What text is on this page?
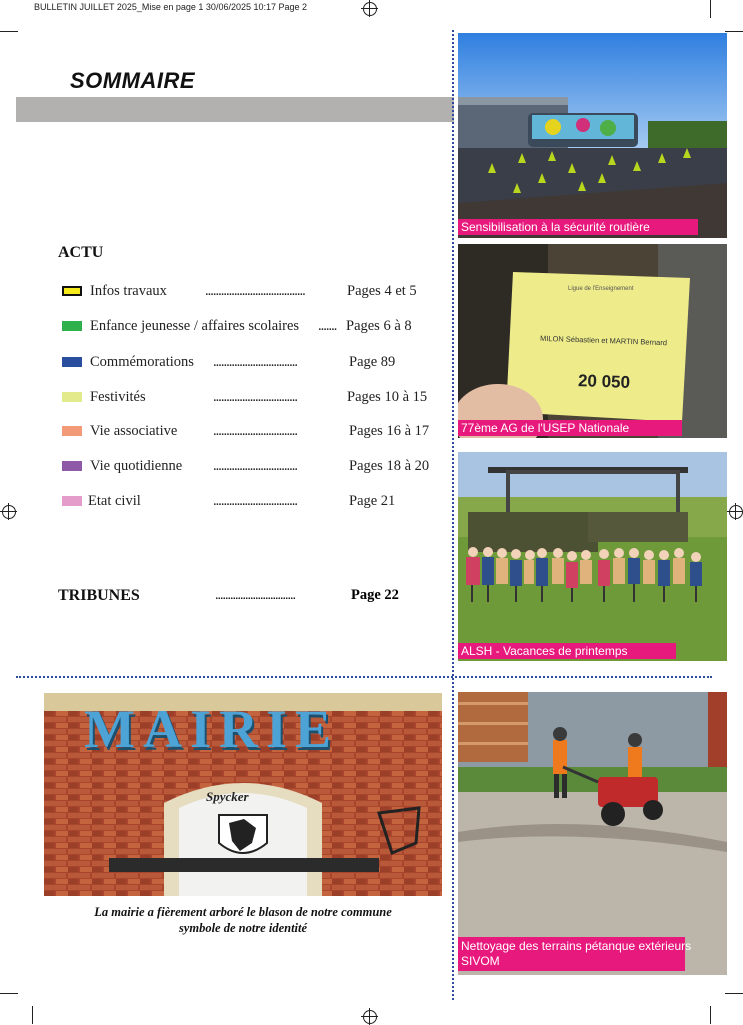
BULLETIN JUILLET 2025_Mise en page 1 30/06/2025 10:17 Page 2
SOMMAIRE
ACTU
Infos travaux	......................................	Pages 4 et 5
Enfance jeunesse / affaires scolaires ....... Pages 6 à 8
Commémorations ................................	Page 89
Festivités	................................	Pages 10 à 15
Vie associative ................................	Pages 16 à 17
Vie quotidienne ................................	Pages 18 à 20
Etat civil	................................	Page 21
TRIBUNES	................................	Page 22
Sensibilisation à la sécurité routière
Ligue de l'Enseignement
MILON Sébastien et MARTIN Bernard
20 050
77ème AG de l'USEP Nationale
ALSH - Vacances de printemps
MAIRIE
Spycker
La mairie a fièrement arboré le blason de notre commune
symbole de notre identité
Nettoyage des terrains pétanque extérieurs
SIVOM
